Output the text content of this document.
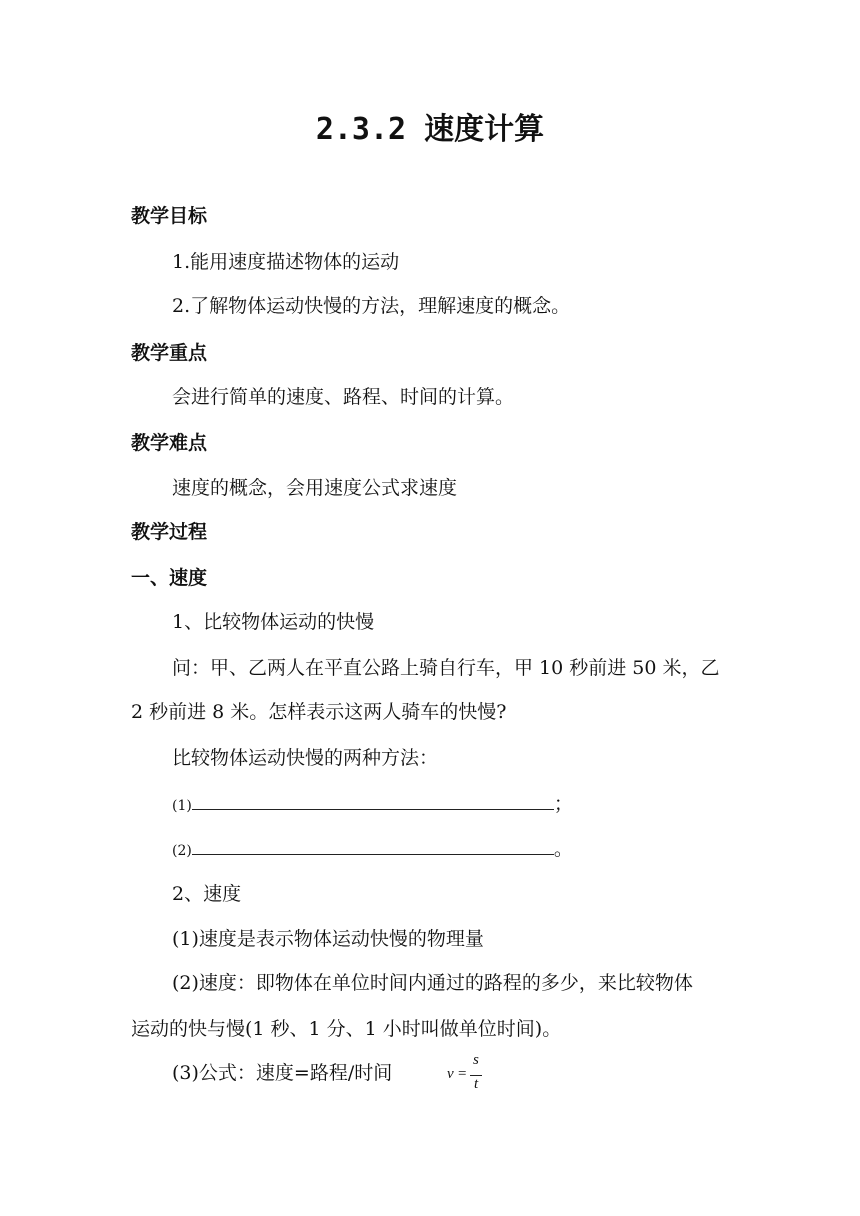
2.3.2 速度计算
教学目标
1.能用速度描述物体的运动
2.了解物体运动快慢的方法，理解速度的概念。
教学重点
会进行简单的速度、路程、时间的计算。
教学难点
速度的概念，会用速度公式求速度
教学过程
一、速度
1、比较物体运动的快慢
问：甲、乙两人在平直公路上骑自行车，甲 10 秒前进 50 米，乙
2 秒前进 8 米。怎样表示这两人骑车的快慢?
比较物体运动快慢的两种方法：
(1)	；
(2)	。
2、速度
(1)速度是表示物体运动快慢的物理量
(2)速度：即物体在单位时间内通过的路程的多少，来比较物体
运动的快与慢(1 秒、1 分、1 小时叫做单位时间)。
(3)公式：速度=路程/时间	v =
s
t
